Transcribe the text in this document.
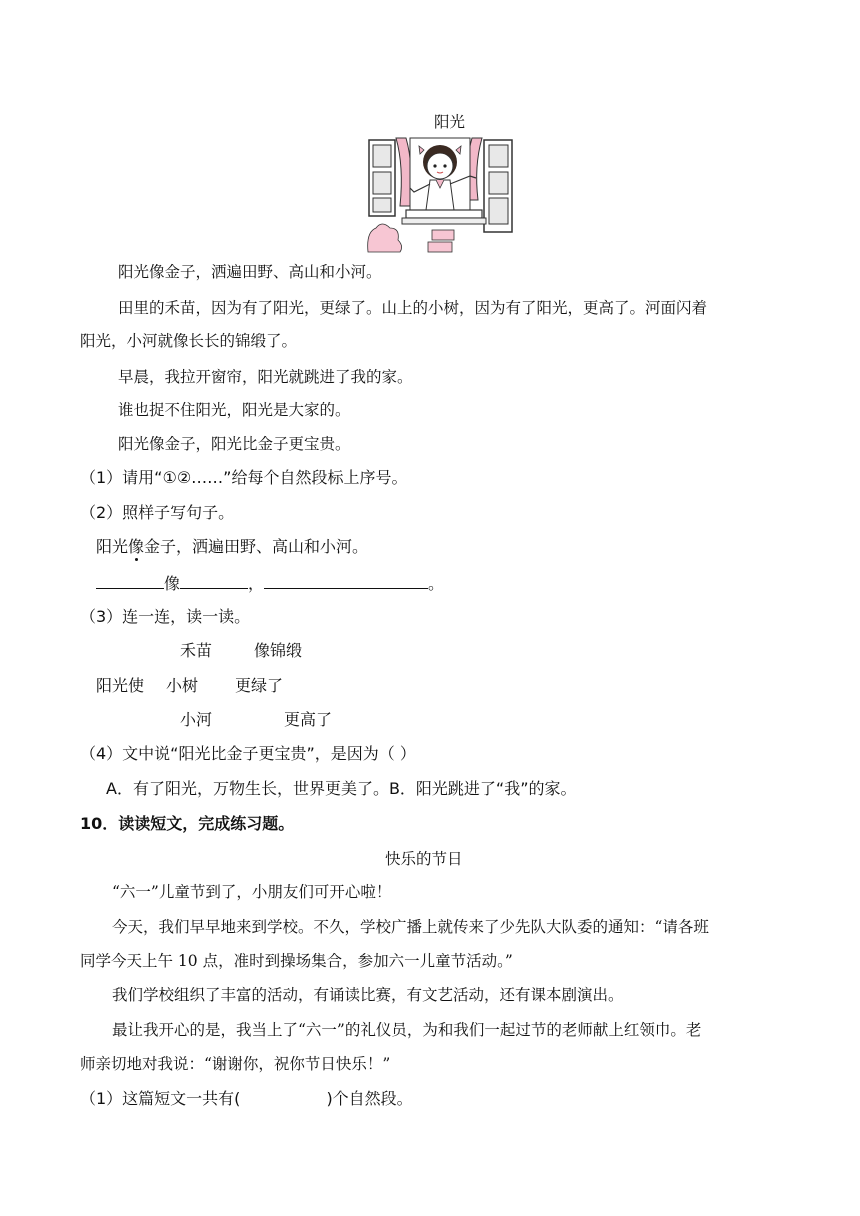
阳光
阳光像金子，洒遍田野、高山和小河。
田里的禾苗，因为有了阳光，更绿了。山上的小树，因为有了阳光，更高了。河面闪着
阳光，小河就像长长的锦缎了。
早晨，我拉开窗帘，阳光就跳进了我的家。
谁也捉不住阳光，阳光是大家的。
阳光像金子，阳光比金子更宝贵。
（1）请用“①②……”给每个自然段标上序号。
（2）照样子写句子。
阳光像金子，洒遍田野、高山和小河。
像	，	。
（3）连一连，读一读。
禾苗	像锦缎
阳光使 小树 更绿了
小河	更高了
（4）文中说“阳光比金子更宝贵”，是因为（ ）
A．有了阳光，万物生长，世界更美了。B．阳光跳进了“我”的家。
10．读读短文，完成练习题。
快乐的节日
“六一”儿童节到了，小朋友们可开心啦！
今天，我们早早地来到学校。不久，学校广播上就传来了少先队大队委的通知：“请各班
同学今天上午 10 点，准时到操场集合，参加六一儿童节活动。”
我们学校组织了丰富的活动，有诵读比赛，有文艺活动，还有课本剧演出。
最让我开心的是，我当上了“六一”的礼仪员，为和我们一起过节的老师献上红领巾。老
师亲切地对我说：“谢谢你，祝你节日快乐！”
（1）这篇短文一共有(	)个自然段。
